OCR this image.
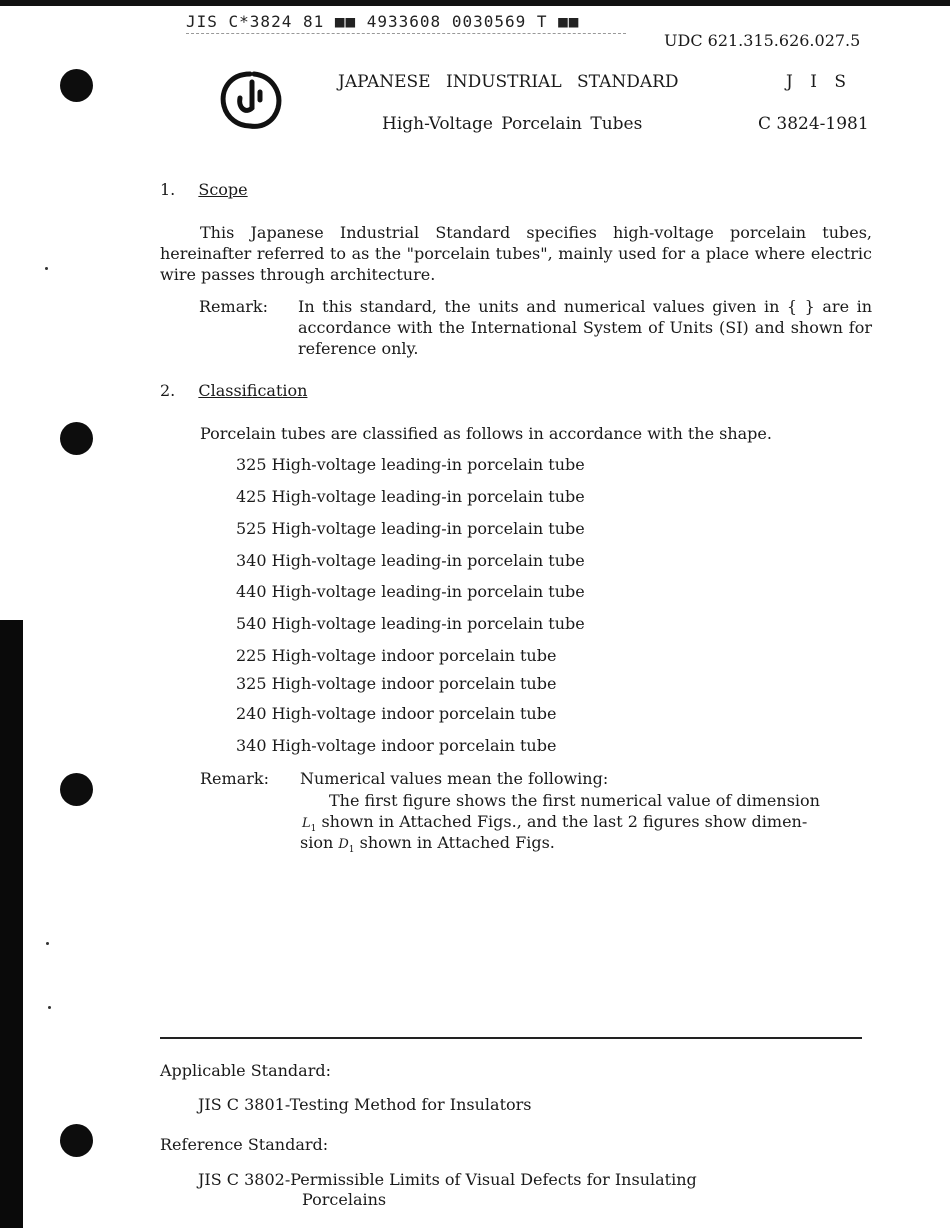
JIS C*3824 81 ■■ 4933608 0030569 T ■■
UDC 621.315.626.027.5
JAPANESE INDUSTRIAL STANDARD	J I S
High-Voltage Porcelain Tubes	C 3824-1981
1. Scope
This Japanese Industrial Standard specifies high-voltage porcelain tubes, hereinafter referred to as the "porcelain tubes", mainly used for a place where electric wire passes through architecture.
Remark: In this standard, the units and numerical values given in { } are in accordance with the International System of Units (SI) and shown for reference only.
2. Classification
Porcelain tubes are classified as follows in accordance with the shape.
325 High-voltage leading-in porcelain tube
425 High-voltage leading-in porcelain tube
525 High-voltage leading-in porcelain tube
340 High-voltage leading-in porcelain tube
440 High-voltage leading-in porcelain tube
540 High-voltage leading-in porcelain tube
225 High-voltage indoor porcelain tube
325 High-voltage indoor porcelain tube
240 High-voltage indoor porcelain tube
340 High-voltage indoor porcelain tube
Remark: Numerical values mean the following:
The first figure shows the first numerical value of dimension
$L_1$ shown in Attached Figs., and the last 2 figures show dimen-
sion $D_1$ shown in Attached Figs.
Applicable Standard:
JIS C 3801-Testing Method for Insulators
Reference Standard:
JIS C 3802-Permissible Limits of Visual Defects for Insulating
Porcelains
